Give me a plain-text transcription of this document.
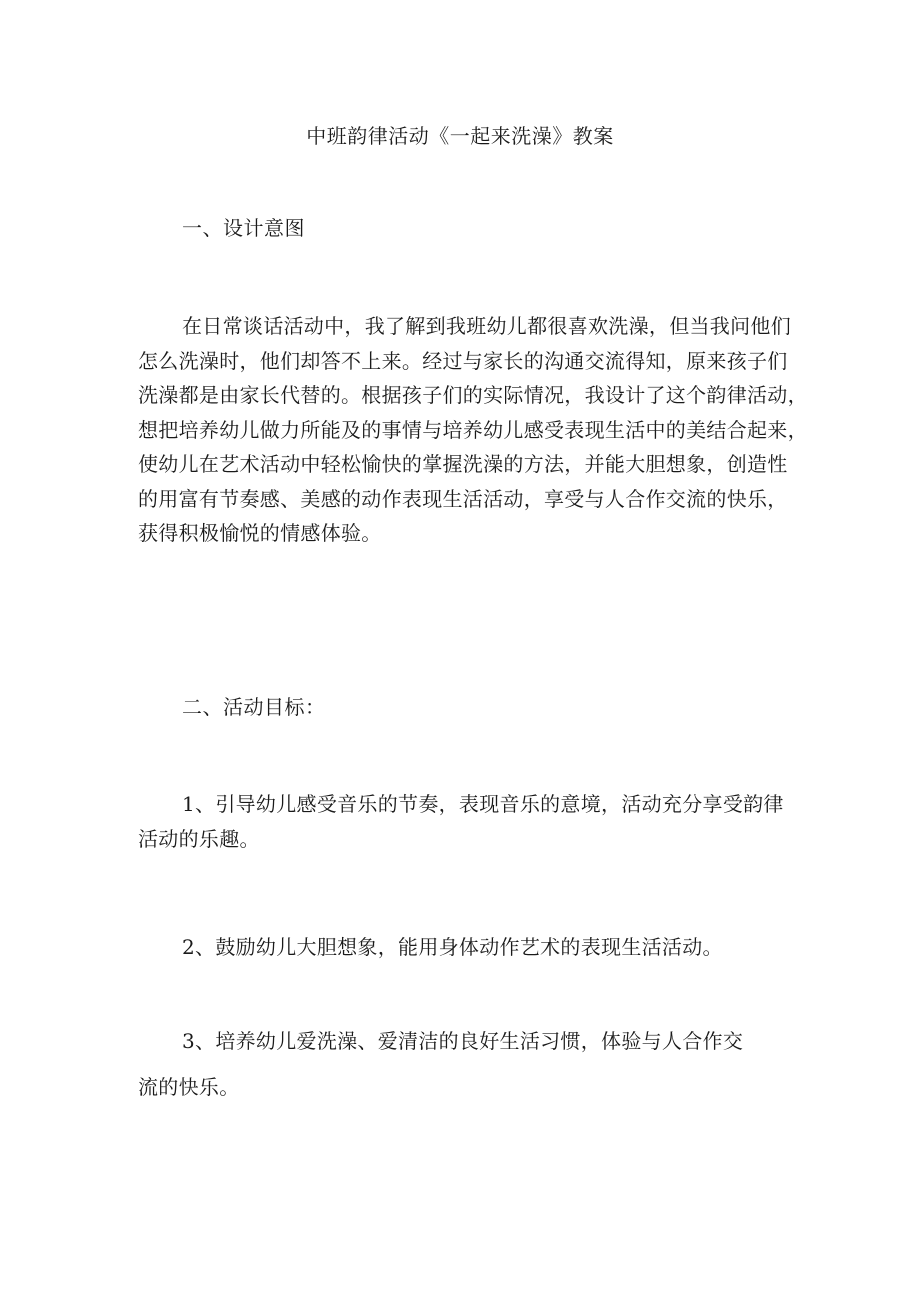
中班韵律活动《一起来洗澡》教案
一、设计意图
在日常谈话活动中，我了解到我班幼儿都很喜欢洗澡，但当我问他们
怎么洗澡时，他们却答不上来。经过与家长的沟通交流得知，原来孩子们
洗澡都是由家长代替的。根据孩子们的实际情况，我设计了这个韵律活动，
想把培养幼儿做力所能及的事情与培养幼儿感受表现生活中的美结合起来，
使幼儿在艺术活动中轻松愉快的掌握洗澡的方法，并能大胆想象，创造性
的用富有节奏感、美感的动作表现生活活动，享受与人合作交流的快乐，
获得积极愉悦的情感体验。
二、活动目标：
1、引导幼儿感受音乐的节奏，表现音乐的意境，活动充分享受韵律
活动的乐趣。
2、鼓励幼儿大胆想象，能用身体动作艺术的表现生活活动。
3、培养幼儿爱洗澡、爱清洁的良好生活习惯，体验与人合作交
流的快乐。
